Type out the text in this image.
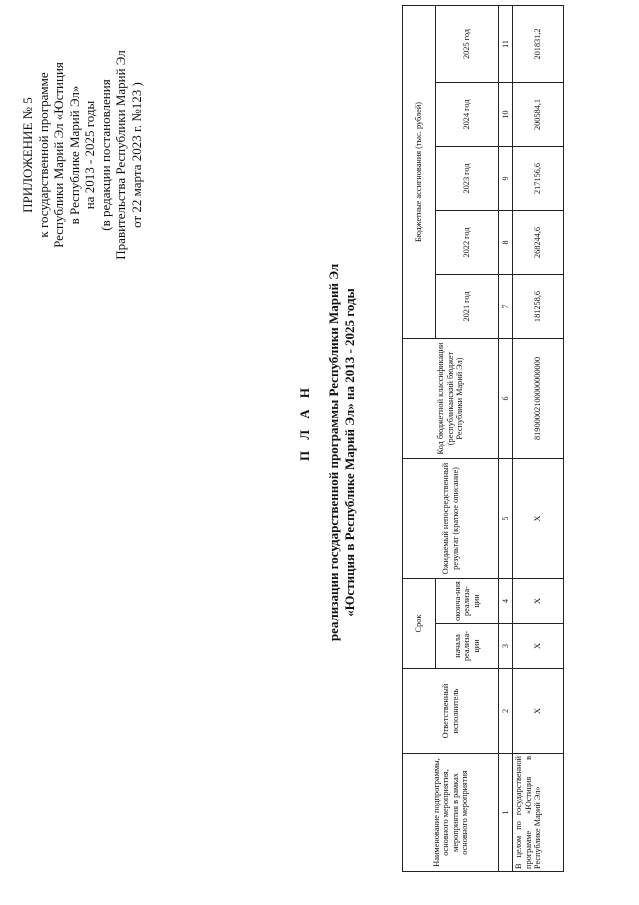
ПРИЛОЖЕНИЕ № 5 к государственной программе Республики Марий Эл «Юстиция в Республике Марий Эл» на 2013 - 2025 годы (в редакции постановления Правительства Республики Марий Эл от 22 марта 2023 г. №123 )
П Л А Н реализации государственной программы Республики Марий Эл «Юстиция в Республике Марий Эл» на 2013 - 2025 годы
Наименование подпрограммы, основного мероприятия, мероприятия в рамках основного мероприятия	Ответственный исполнитель	Срок		Ожидаемый непосредственный результат (краткое описание)	Код бюджетной классификации (республиканский бюджет Республики Марий Эл)	Бюджетные ассигнования (тыс. рублей)				
		начала реализа-ции	оконча-ния реализа-ции			2021 год	2022 год	2023 год	2024 год	2025 год

1	2	3	4	5	6	7	8	9	10	11
В целом по государственной программе «Юстиция в Республике Марий Эл»	Х	Х	Х	Х	81900002100000000000	181258,6	268244,6	217156,6	200584,1	201831,2
